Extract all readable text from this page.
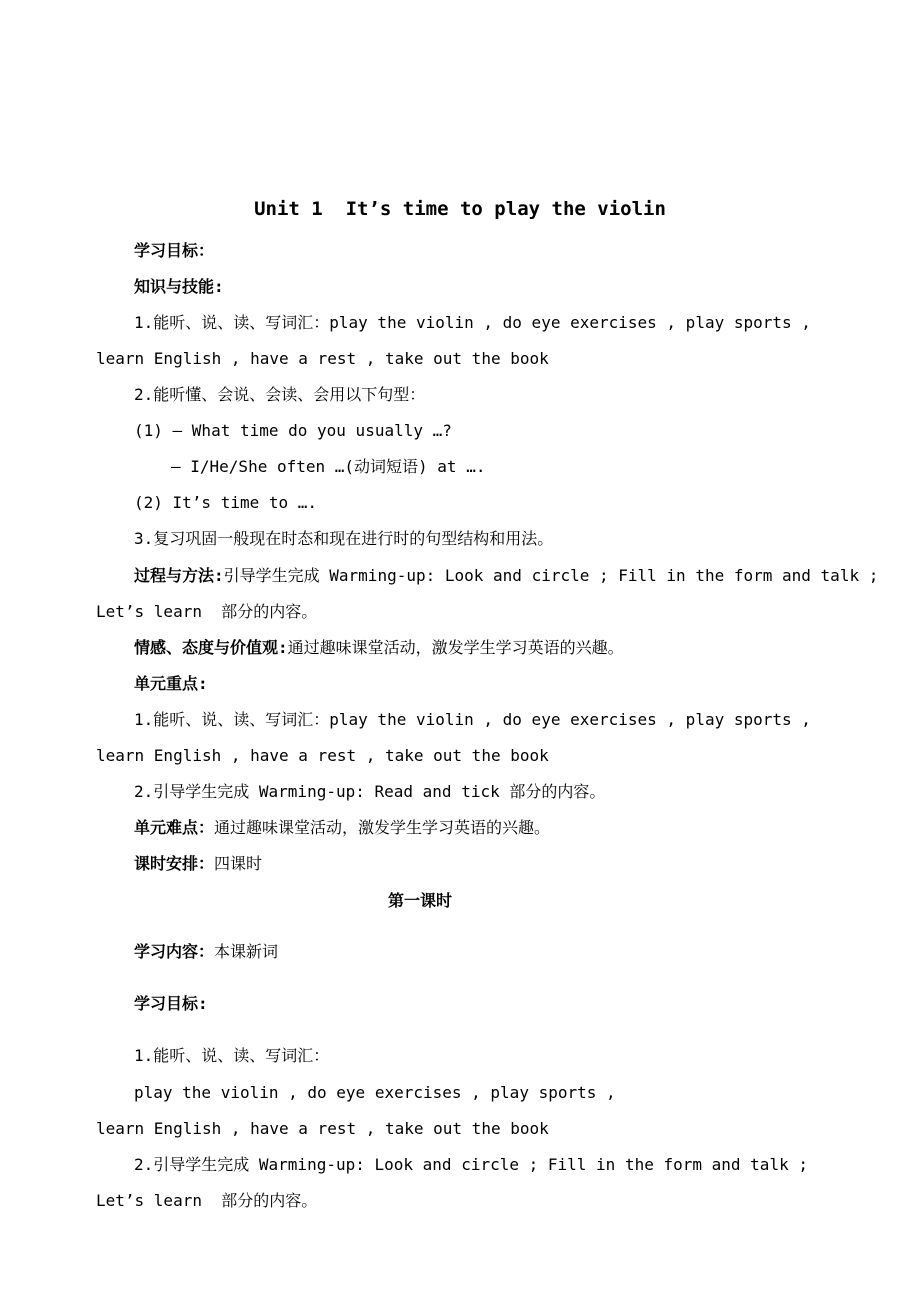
Unit 1  It’s time to play the violin
学习目标：
知识与技能:
1.能听、说、读、写词汇：play the violin , do eye exercises , play sports ,
learn English , have a rest , take out the book
2.能听懂、会说、会读、会用以下句型：
(1) — What time do you usually …?
— I/He/She often …(动词短语) at ….
(2) It’s time to ….
3.复习巩固一般现在时态和现在进行时的句型结构和用法。
过程与方法:引导学生完成 Warming-up: Look and circle ; Fill in the form and talk ;
Let’s learn  部分的内容。
情感、态度与价值观:通过趣味课堂活动，激发学生学习英语的兴趣。
单元重点:
1.能听、说、读、写词汇：play the violin , do eye exercises , play sports ,
learn English , have a rest , take out the book
2.引导学生完成 Warming-up: Read and tick 部分的内容。
单元难点：通过趣味课堂活动，激发学生学习英语的兴趣。
课时安排：四课时
第一课时
学习内容：本课新词
学习目标:
1.能听、说、读、写词汇：
play the violin , do eye exercises , play sports ,
learn English , have a rest , take out the book
2.引导学生完成 Warming-up: Look and circle ; Fill in the form and talk ;
Let’s learn  部分的内容。
